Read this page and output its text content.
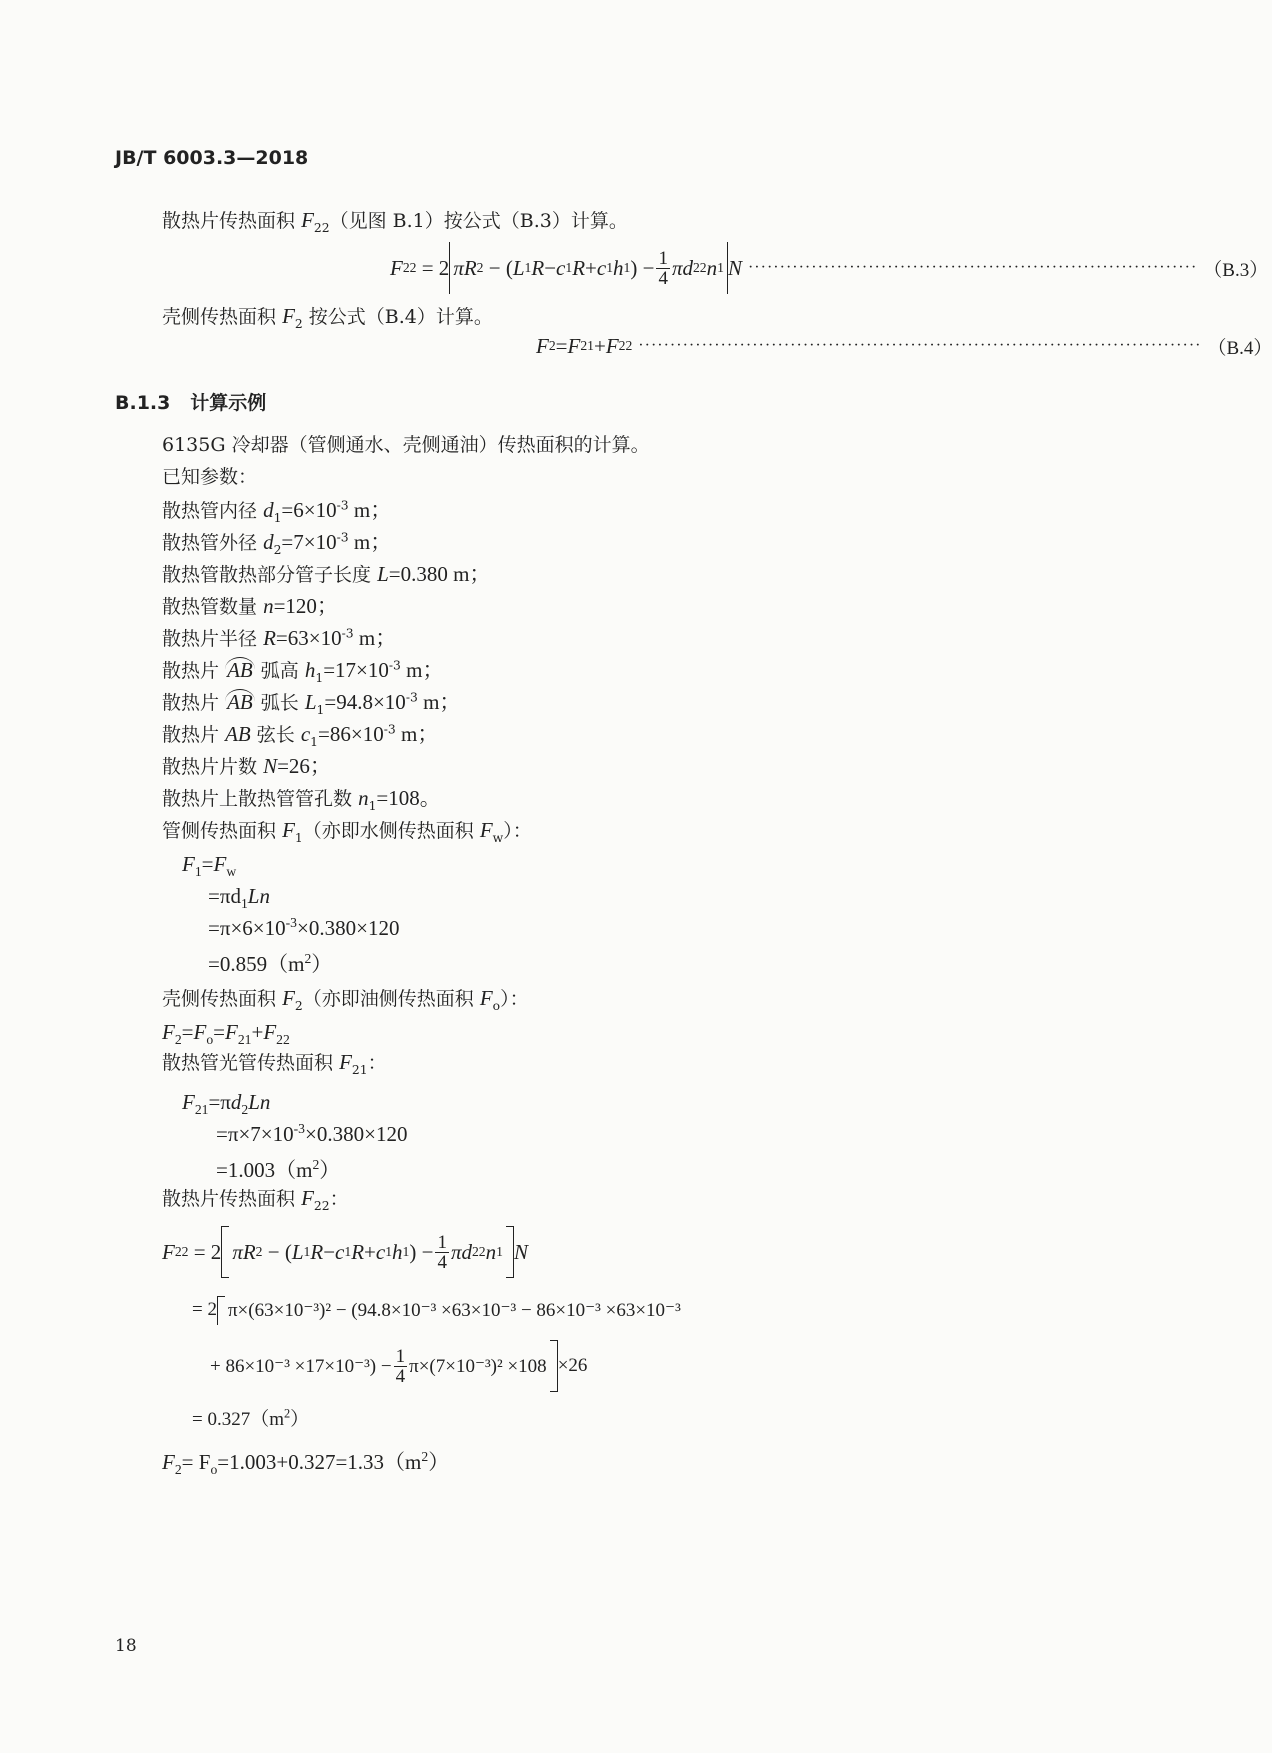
JB/T 6003.3—2018
散热片传热面积 $F_{22}$（见图 B.1）按公式（B.3）计算。
F 22 = 2 πR 2 − ( L 1 R − c 1 R + c 1 h 1 ) − $\frac{1}{4}$ πd 2 2 n 1 N ······································································· （B.3）
壳侧传热面积 $F_2$ 按公式（B.4）计算。
F 2 = F 21 + F 22 ························································································· （B.4）
B.1.3 计算示例
6135G 冷却器（管侧通水、壳侧通油）传热面积的计算。
已知参数：
散热管内径 $d_1=6\times 10^{-3}$ m；
散热管外径 $d_2=7\times 10^{-3}$ m；
散热管散热部分管子长度 L=0.380 m；
散热管数量 n=120；
散热片半径 $R=63\times 10^{-3}$ m；
散热片 AB 弧高 $h_1=17\times 10^{-3}$ m；
散热片 AB 弧长 $L_1=94.8\times 10^{-3}$ m；
散热片 AB 弦长 $c_1=86\times 10^{-3}$ m；
散热片片数 N=26；
散热片上散热管管孔数 $n_1=108$。
管侧传热面积 $F_1$（亦即水侧传热面积 $F_w$）：
$F_1=F_w$
$=\pi d_1Ln$
$=\pi\times 6\times 10^{-3}\times 0.380\times 120$
$=0.859(m^2)$
壳侧传热面积 $F_2$（亦即油侧传热面积 $F_o$）：
$F_2=F_o=F_{21}+F_{22}$
散热管光管传热面积 $F_{21}$：
$F_{21}=\pi d_2Ln$
$=\pi\times 7\times 10^{-3}\times 0.380\times 120$
$=1.003(m^2)$
散热片传热面积 $F_{22}$：
F 22 = 2 πR 2 − ( L 1 R − c 1 R + c 1 h 1 ) − $\frac{1}{4}$ πd 2 2 n 1 N
= 2 π×(63×10⁻³)² − (94.8×10⁻³ ×63×10⁻³ − 86×10⁻³ ×63×10⁻³
+ $86\times 10^{-3} \times 17\times 10^{-3}) - \frac{1}{4} \pi\times(7\times 10^{-3})^2 \times 108 \times 26$
= $0.327(m^2)$
$F_2= F_o=1.003+0.327=1.33(m^2)$
18
